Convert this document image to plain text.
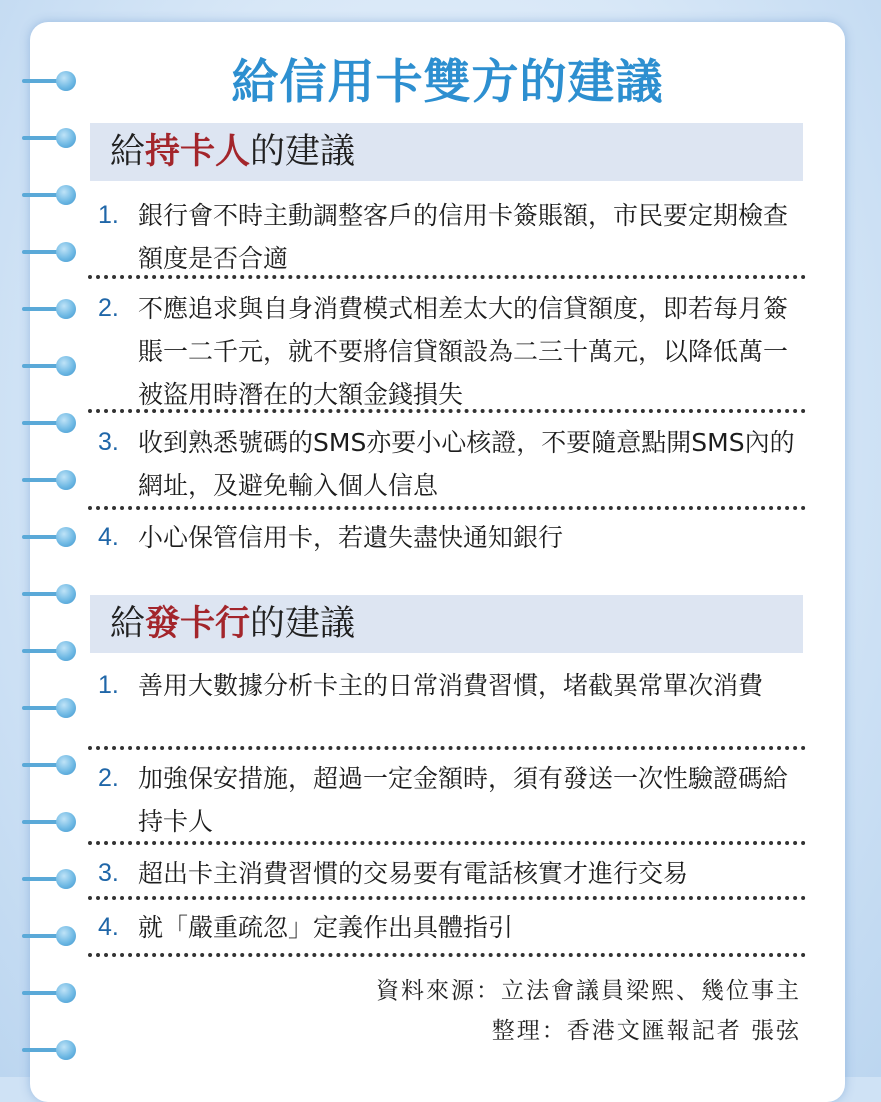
給信用卡雙方的建議
給持卡人的建議
1. 銀行會不時主動調整客戶的信用卡簽賬額，市民要定期檢查額度是否合適
2. 不應追求與自身消費模式相差太大的信貸額度，即若每月簽賬一二千元，就不要將信貸額設為二三十萬元，以降低萬一被盜用時潛在的大額金錢損失
3. 收到熟悉號碼的SMS亦要小心核證，不要隨意點開SMS內的網址，及避免輸入個人信息
4. 小心保管信用卡，若遺失盡快通知銀行
給發卡行的建議
1. 善用大數據分析卡主的日常消費習慣，堵截異常單次消費
2. 加強保安措施，超過一定金額時，須有發送一次性驗證碼給持卡人
3. 超出卡主消費習慣的交易要有電話核實才進行交易
4. 就「嚴重疏忽」定義作出具體指引
資料來源：立法會議員梁熙、幾位事主
整理：香港文匯報記者 張弦
